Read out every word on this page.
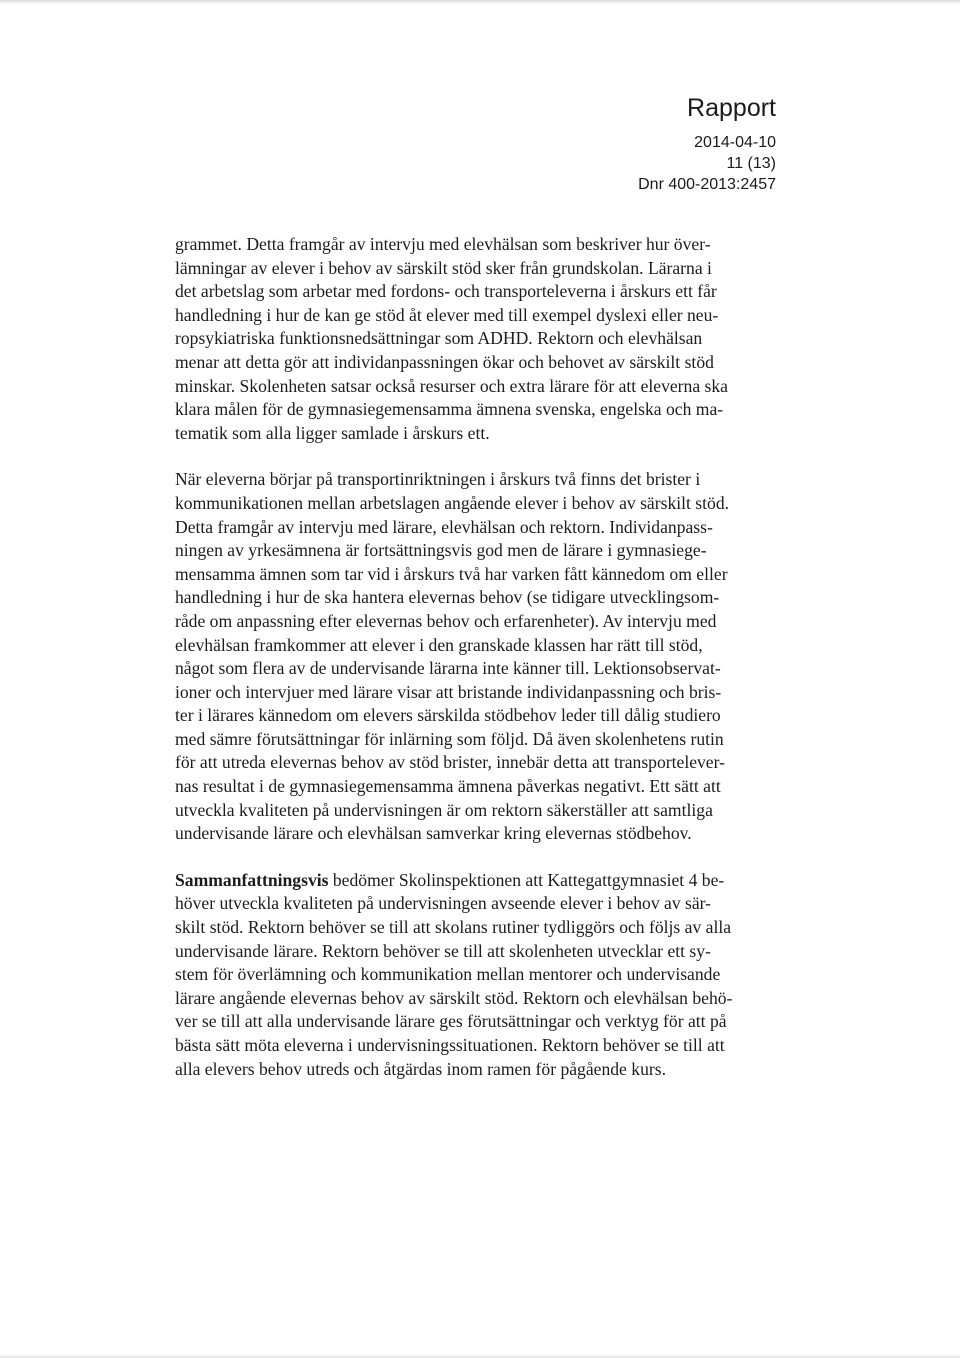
Rapport
2014-04-10
11 (13)
Dnr 400-2013:2457
grammet. Detta framgår av intervju med elevhälsan som beskriver hur över-
lämningar av elever i behov av särskilt stöd sker från grundskolan. Lärarna i
det arbetslag som arbetar med fordons- och transporteleverna i årskurs ett får
handledning i hur de kan ge stöd åt elever med till exempel dyslexi eller neu-
ropsykiatriska funktionsnedsättningar som ADHD. Rektorn och elevhälsan
menar att detta gör att individanpassningen ökar och behovet av särskilt stöd
minskar. Skolenheten satsar också resurser och extra lärare för att eleverna ska
klara målen för de gymnasiegemensamma ämnena svenska, engelska och ma-
tematik som alla ligger samlade i årskurs ett.
När eleverna börjar på transportinriktningen i årskurs två finns det brister i
kommunikationen mellan arbetslagen angående elever i behov av särskilt stöd.
Detta framgår av intervju med lärare, elevhälsan och rektorn. Individanpass-
ningen av yrkesämnena är fortsättningsvis god men de lärare i gymnasiege-
mensamma ämnen som tar vid i årskurs två har varken fått kännedom om eller
handledning i hur de ska hantera elevernas behov (se tidigare utvecklingsom-
råde om anpassning efter elevernas behov och erfarenheter). Av intervju med
elevhälsan framkommer att elever i den granskade klassen har rätt till stöd,
något som flera av de undervisande lärarna inte känner till. Lektionsobservat-
ioner och intervjuer med lärare visar att bristande individanpassning och bris-
ter i lärares kännedom om elevers särskilda stödbehov leder till dålig studiero
med sämre förutsättningar för inlärning som följd. Då även skolenhetens rutin
för att utreda elevernas behov av stöd brister, innebär detta att transportelever-
nas resultat i de gymnasiegemensamma ämnena påverkas negativt. Ett sätt att
utveckla kvaliteten på undervisningen är om rektorn säkerställer att samtliga
undervisande lärare och elevhälsan samverkar kring elevernas stödbehov.
Sammanfattningsvis bedömer Skolinspektionen att Kattegattgymnasiet 4 be-
höver utveckla kvaliteten på undervisningen avseende elever i behov av sär-
skilt stöd. Rektorn behöver se till att skolans rutiner tydliggörs och följs av alla
undervisande lärare. Rektorn behöver se till att skolenheten utvecklar ett sy-
stem för överlämning och kommunikation mellan mentorer och undervisande
lärare angående elevernas behov av särskilt stöd. Rektorn och elevhälsan behö-
ver se till att alla undervisande lärare ges förutsättningar och verktyg för att på
bästa sätt möta eleverna i undervisningssituationen. Rektorn behöver se till att
alla elevers behov utreds och åtgärdas inom ramen för pågående kurs.
